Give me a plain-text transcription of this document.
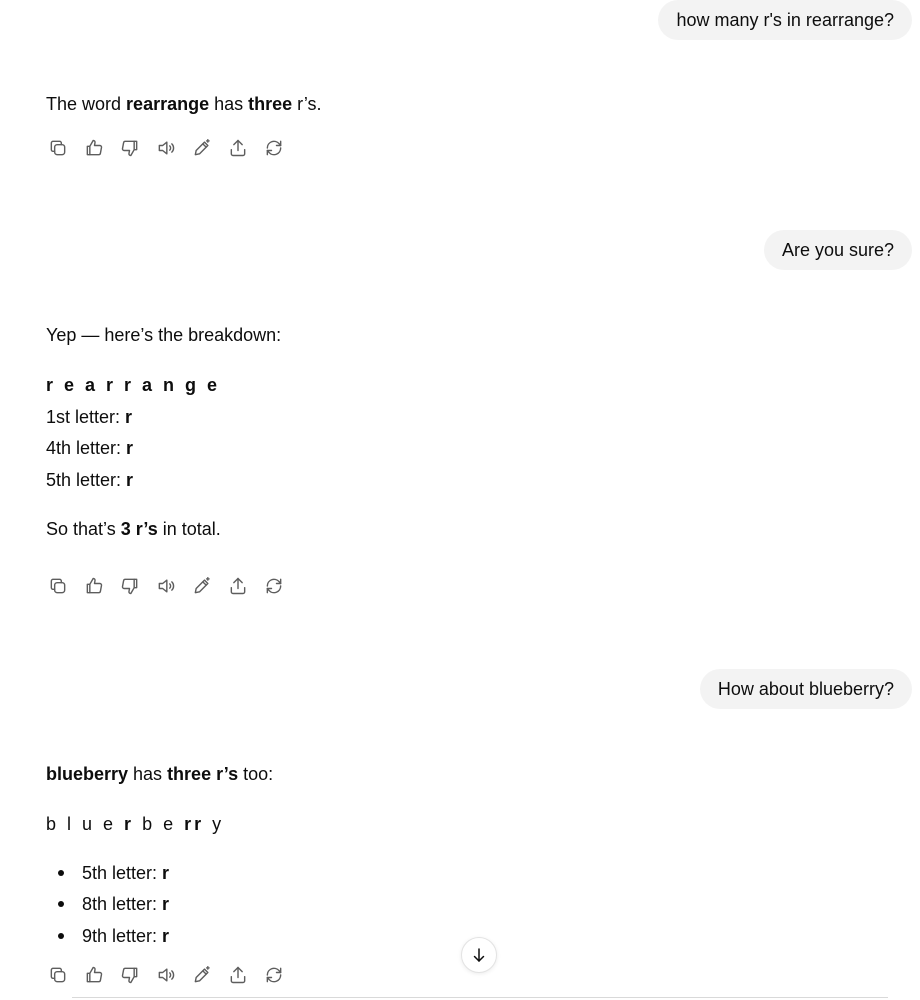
how many r's in rearrange?
The word rearrange has three r’s.
Are you sure?
Yep — here’s the breakdown:
r e a r r a n g e
1st letter: r
4th letter: r
5th letter: r
So that’s 3 r’s in total.
How about blueberry?
blueberry has three r’s too:
b l u e r b e rr y
5th letter: r
8th letter: r
9th letter: r
